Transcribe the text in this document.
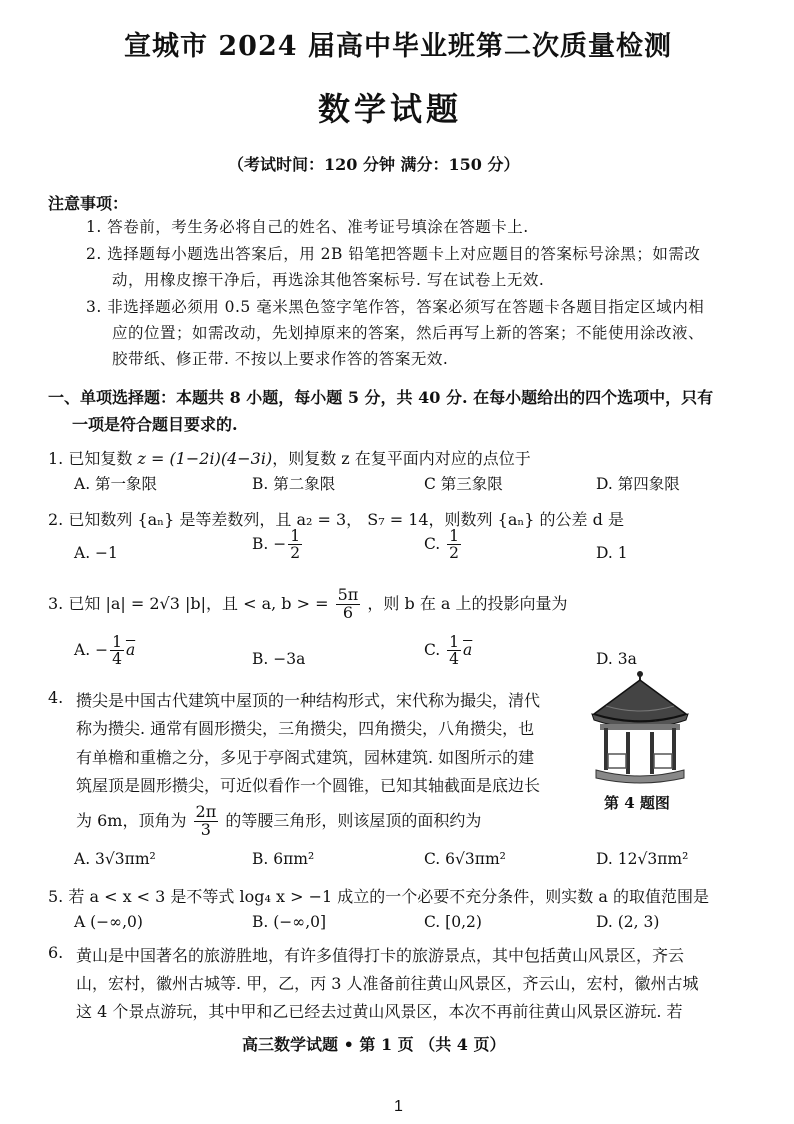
宣城市 2024 届高中毕业班第二次质量检测
数学试题
（考试时间：120 分钟 满分：150 分）
注意事项：
1. 答卷前，考生务必将自己的姓名、准考证号填涂在答题卡上.
2. 选择题每小题选出答案后，用 2B 铅笔把答题卡上对应题目的答案标号涂黑；如需改
动，用橡皮擦干净后，再选涂其他答案标号. 写在试卷上无效.
3. 非选择题必须用 0.5 毫米黑色签字笔作答，答案必须写在答题卡各题目指定区域内相
应的位置；如需改动，先划掉原来的答案，然后再写上新的答案；不能使用涂改液、
胶带纸、修正带. 不按以上要求作答的答案无效.
一、单项选择题：本题共 8 小题，每小题 5 分，共 40 分. 在每小题给出的四个选项中，只有
一项是符合题目要求的.
1. 已知复数 z = (1−2i)(4−3i)，则复数 z 在复平面内对应的点位于
A. 第一象限	B. 第二象限	C 第三象限	D. 第四象限
2. 已知数列 {aₙ} 是等差数列，且 a₂ = 3， S₇ = 14，则数列 {aₙ} 的公差 d 是
A. −1
B. − $\frac{1}{2}$	C. $\frac{1}{2}$	D. 1
3. 已知 |a| = 2√3 |b|，且 < a, b > = $\frac{5\pi}{6}$ ，则 b 在 a 上的投影向量为
A. − $\frac{1}{4} \overline{a}$
B. −3a
C. $\frac{1}{4} \overline{a}$
D. 3a
4. 攒尖是中国古代建筑中屋顶的一种结构形式，宋代称为撮尖，清代
称为攒尖. 通常有圆形攒尖，三角攒尖，四角攒尖，八角攒尖，也
有单檐和重檐之分，多见于亭阁式建筑，园林建筑. 如图所示的建
筑屋顶是圆形攒尖，可近似看作一个圆锥，已知其轴截面是底边长
为 6m，顶角为 $\frac{2\pi}{3}$ 的等腰三角形，则该屋顶的面积约为
第 4 题图
A. 3√3πm²	B. 6πm²	C. 6√3πm²	D. 12√3πm²
5. 若 a < x < 3 是不等式 log₄ x > −1 成立的一个必要不充分条件，则实数 a 的取值范围是
A (−∞,0)	B. (−∞,0]	C. [0,2)	D. (2, 3)
6. 黄山是中国著名的旅游胜地，有许多值得打卡的旅游景点，其中包括黄山风景区，齐云
山，宏村，徽州古城等. 甲，乙，丙 3 人准备前往黄山风景区，齐云山，宏村，徽州古城
这 4 个景点游玩，其中甲和乙已经去过黄山风景区，本次不再前往黄山风景区游玩. 若
高三数学试题 • 第 1 页 （共 4 页）
1
